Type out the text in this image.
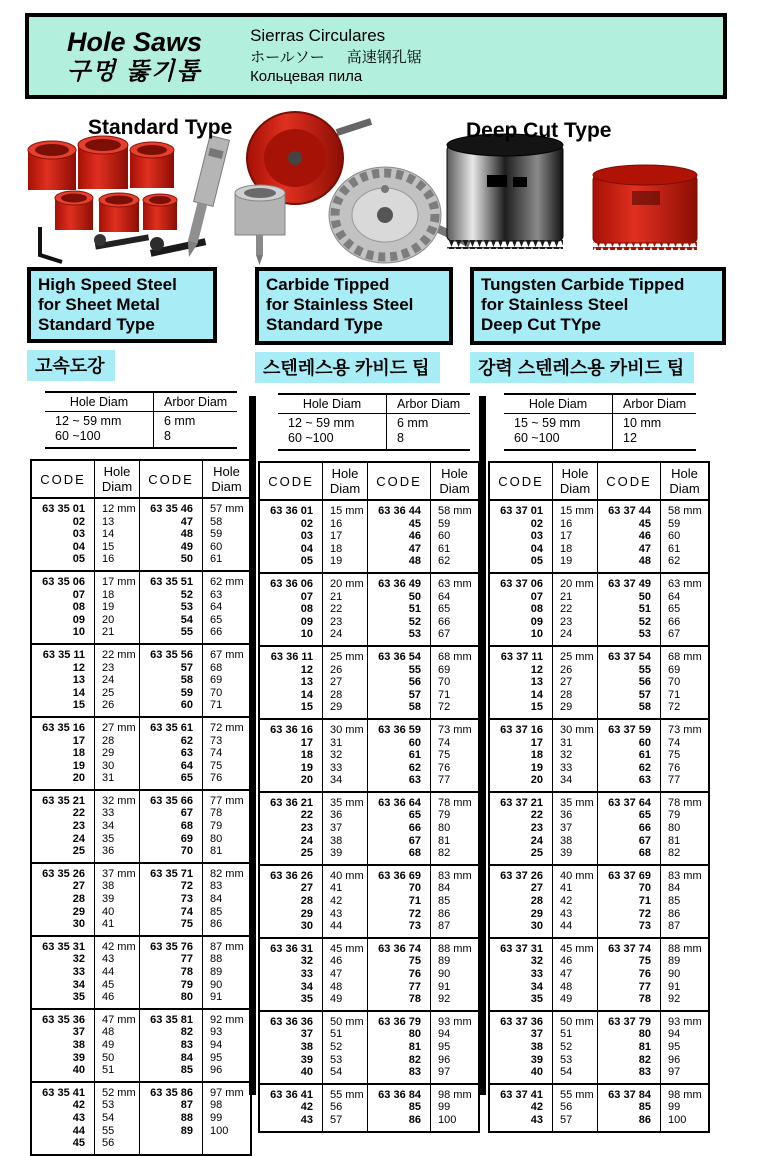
Hole Saws
구멍 뚫기톱
Sierras Circulares
ホールソー 高速钢孔锯
Кольцевая пила
Standard Type	Deep Cut Type
High Speed Steel
for Sheet Metal
Standard Type
고속도강
Hole Diam	Arbor Diam
12 ~ 59 mm	6 mm
60 ~100	8
CODE	Hole Diam	CODE	Hole Diam
63 35 01	12 mm	63 35 46	57 mm
02	13	47	58
03	14	48	59
04	15	49	60
05	16	50	61
63 35 06	17 mm	63 35 51	62 mm
07	18	52	63
08	19	53	64
09	20	54	65
10	21	55	66
63 35 11	22 mm	63 35 56	67 mm
12	23	57	68
13	24	58	69
14	25	59	70
15	26	60	71
63 35 16	27 mm	63 35 61	72 mm
17	28	62	73
18	29	63	74
19	30	64	75
20	31	65	76
63 35 21	32 mm	63 35 66	77 mm
22	33	67	78
23	34	68	79
24	35	69	80
25	36	70	81
63 35 26	37 mm	63 35 71	82 mm
27	38	72	83
28	39	73	84
29	40	74	85
30	41	75	86
63 35 31	42 mm	63 35 76	87 mm
32	43	77	88
33	44	78	89
34	45	79	90
35	46	80	91
63 35 36	47 mm	63 35 81	92 mm
37	48	82	93
38	49	83	94
39	50	84	95
40	51	85	96
63 35 41	52 mm	63 35 86	97 mm
42	53	87	98
43	54	88	99
44	55	89	100
45	56		
Carbide Tipped
for Stainless Steel
Standard Type
스텐레스용 카비드 팁
Hole Diam	Arbor Diam
12 ~ 59 mm	6 mm
60 ~100	8
CODE	Hole Diam	CODE	Hole Diam
63 36 01	15 mm	63 36 44	58 mm
02	16	45	59
03	17	46	60
04	18	47	61
05	19	48	62
63 36 06	20 mm	63 36 49	63 mm
07	21	50	64
08	22	51	65
09	23	52	66
10	24	53	67
63 36 11	25 mm	63 36 54	68 mm
12	26	55	69
13	27	56	70
14	28	57	71
15	29	58	72
63 36 16	30 mm	63 36 59	73 mm
17	31	60	74
18	32	61	75
19	33	62	76
20	34	63	77
63 36 21	35 mm	63 36 64	78 mm
22	36	65	79
23	37	66	80
24	38	67	81
25	39	68	82
63 36 26	40 mm	63 36 69	83 mm
27	41	70	84
28	42	71	85
29	43	72	86
30	44	73	87
63 36 31	45 mm	63 36 74	88 mm
32	46	75	89
33	47	76	90
34	48	77	91
35	49	78	92
63 36 36	50 mm	63 36 79	93 mm
37	51	80	94
38	52	81	95
39	53	82	96
40	54	83	97
63 36 41	55 mm	63 36 84	98 mm
42	56	85	99
43	57	86	100
Tungsten Carbide Tipped
for Stainless Steel
Deep Cut TYpe
강력 스텐레스용 카비드 팁
Hole Diam	Arbor Diam
15 ~ 59 mm	10 mm
60 ~100	12
CODE	Hole Diam	CODE	Hole Diam
63 37 01	15 mm	63 37 44	58 mm
02	16	45	59
03	17	46	60
04	18	47	61
05	19	48	62
63 37 06	20 mm	63 37 49	63 mm
07	21	50	64
08	22	51	65
09	23	52	66
10	24	53	67
63 37 11	25 mm	63 37 54	68 mm
12	26	55	69
13	27	56	70
14	28	57	71
15	29	58	72
63 37 16	30 mm	63 37 59	73 mm
17	31	60	74
18	32	61	75
19	33	62	76
20	34	63	77
63 37 21	35 mm	63 37 64	78 mm
22	36	65	79
23	37	66	80
24	38	67	81
25	39	68	82
63 37 26	40 mm	63 37 69	83 mm
27	41	70	84
28	42	71	85
29	43	72	86
30	44	73	87
63 37 31	45 mm	63 37 74	88 mm
32	46	75	89
33	47	76	90
34	48	77	91
35	49	78	92
63 37 36	50 mm	63 37 79	93 mm
37	51	80	94
38	52	81	95
39	53	82	96
40	54	83	97
63 37 41	55 mm	63 37 84	98 mm
42	56	85	99
43	57	86	100
